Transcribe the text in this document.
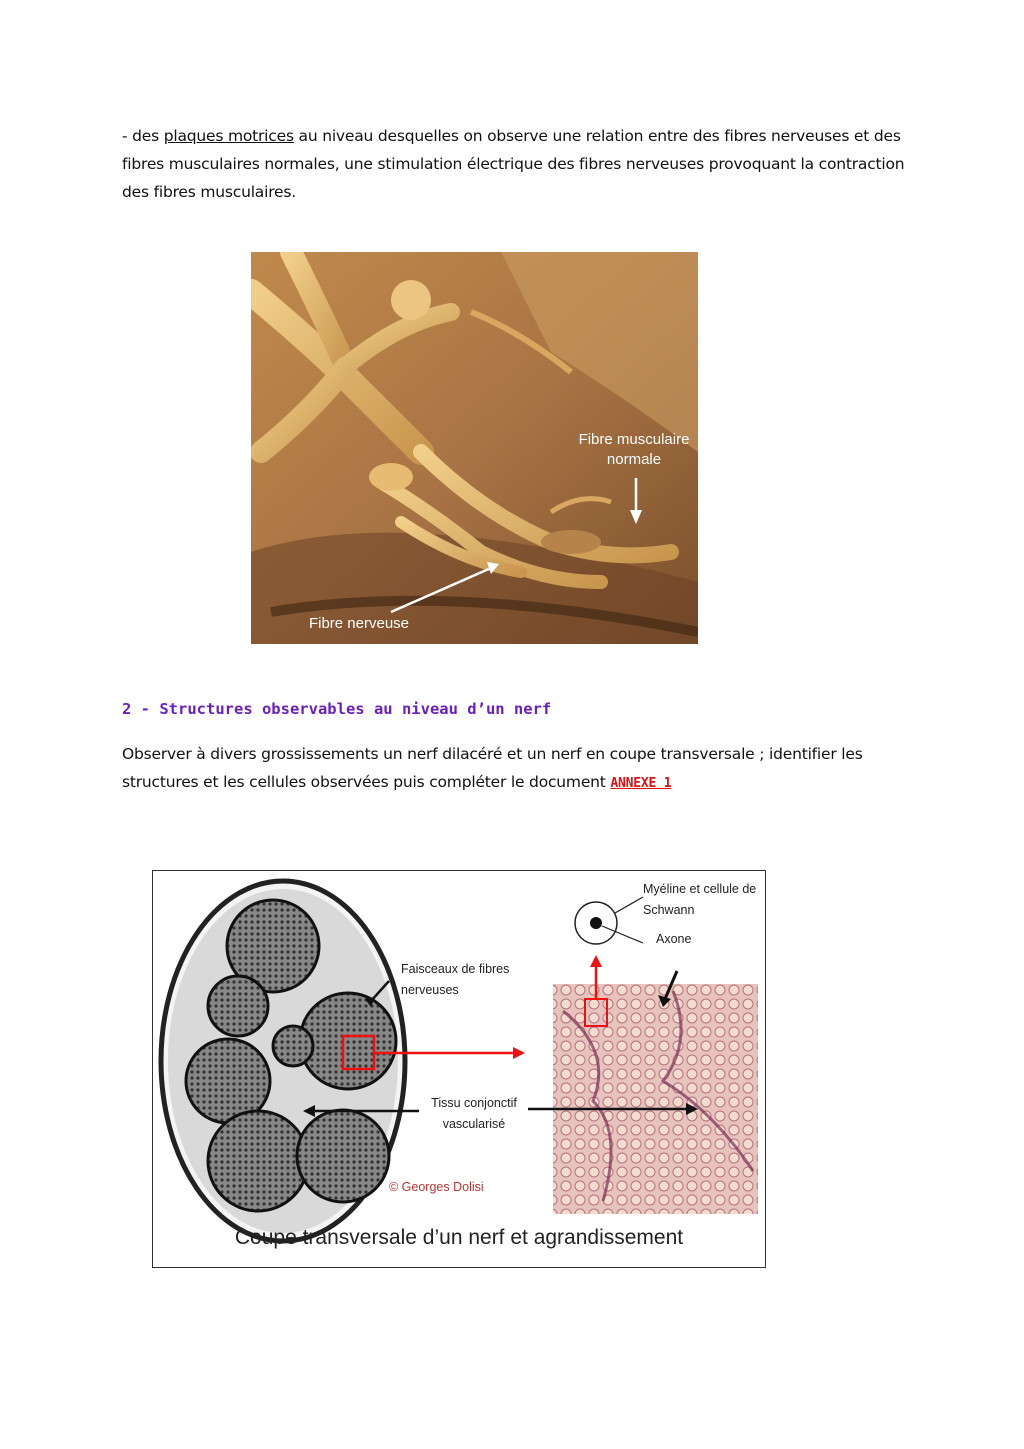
- des plaques motrices au niveau desquelles on observe une relation entre des fibres nerveuses et des fibres musculaires normales, une stimulation électrique des fibres nerveuses provoquant la contraction des fibres musculaires.
Fibre musculaire normale
Fibre nerveuse
2 - Structures observables au niveau d’un nerf
Observer à divers grossissements un nerf dilacéré et un nerf en coupe transversale ; identifier les structures et les cellules observées puis compléter le document ANNEXE 1
Myéline et cellule de Schwann
Axone
Faisceaux de fibres nerveuses
Tissu conjonctif vascularisé
© Georges Dolisi
Coupe transversale d’un nerf et agrandissement
